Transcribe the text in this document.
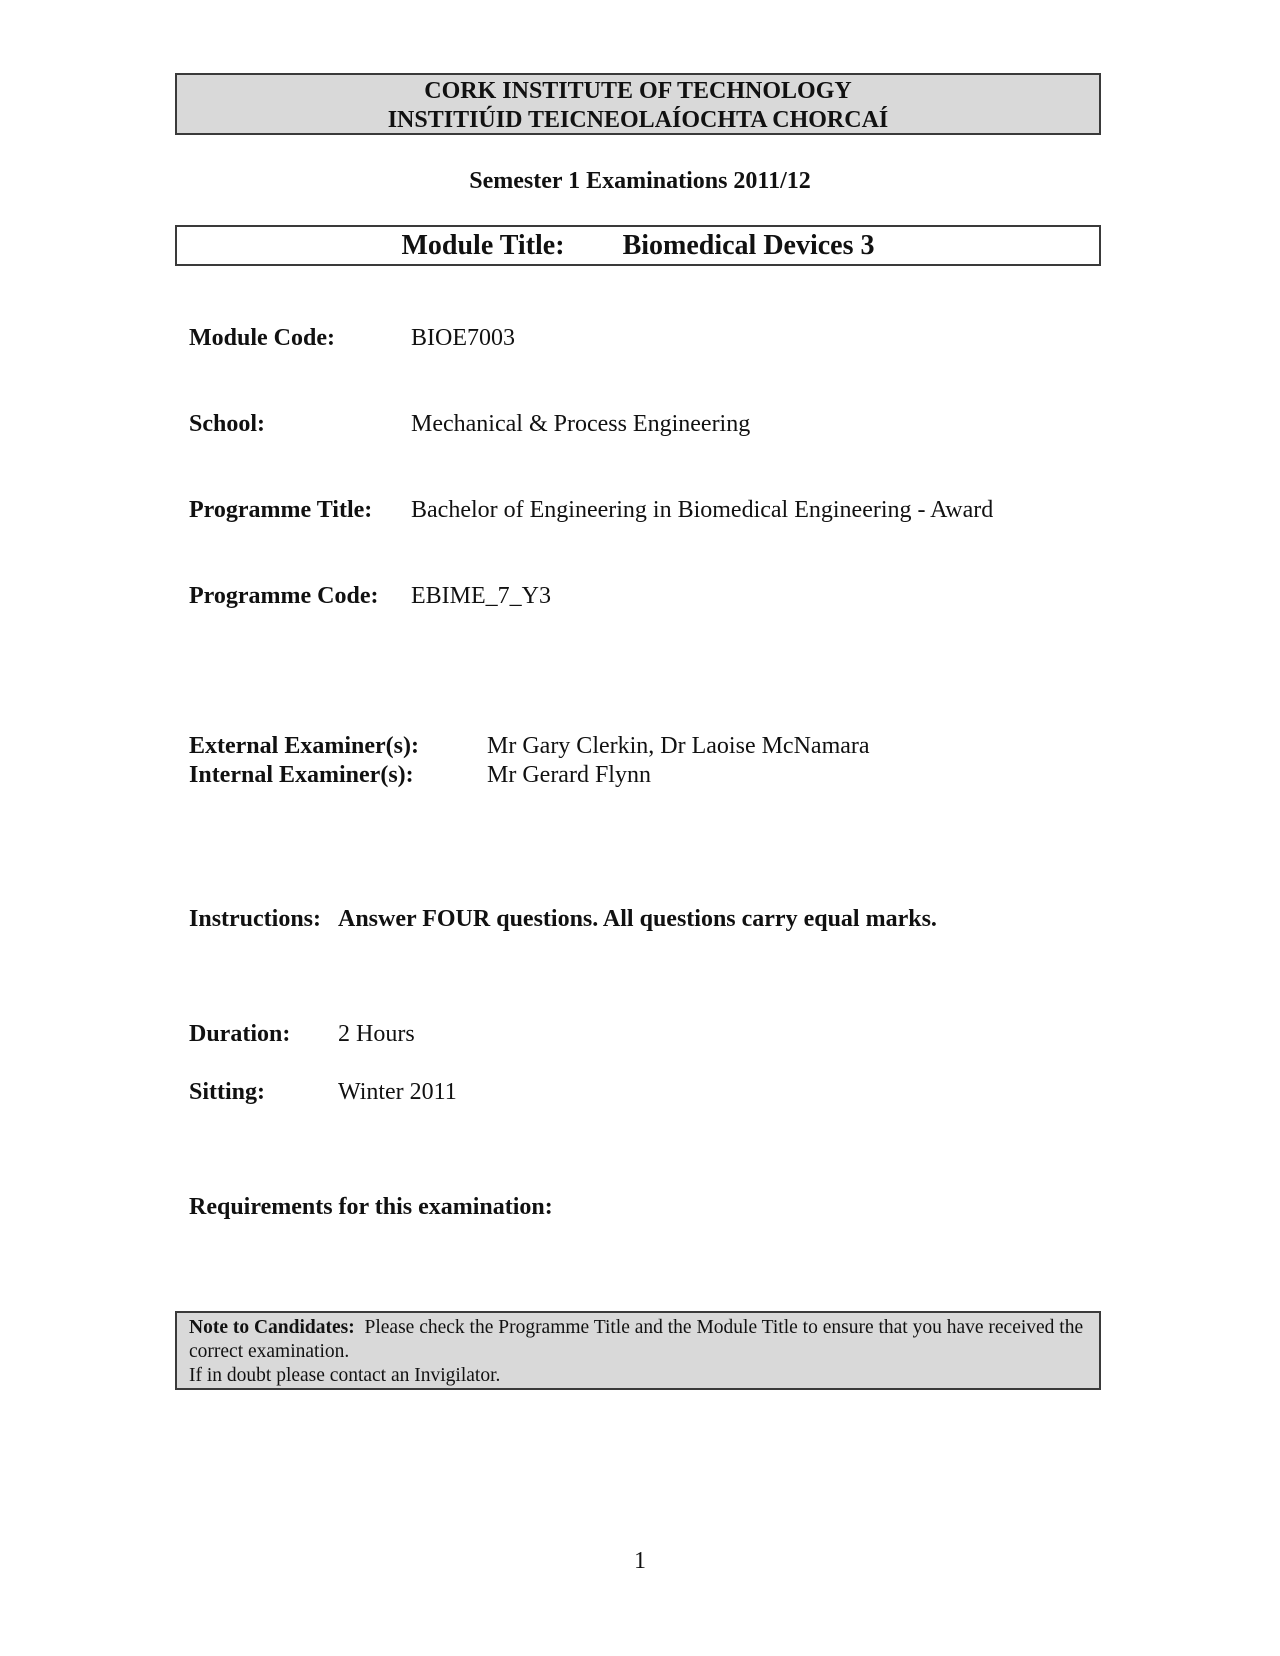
CORK INSTITUTE OF TECHNOLOGY
INSTITIÚID TEICNEOLAÍOCHTA CHORCAÍ
Semester 1 Examinations 2011/12
Module Title: Biomedical Devices 3
Module Code:	BIOE7003
School:	Mechanical & Process Engineering
Programme Title: Bachelor of Engineering in Biomedical Engineering - Award
Programme Code: EBIME_7_Y3
External Examiner(s):	Mr Gary Clerkin, Dr Laoise McNamara
Internal Examiner(s):	Mr Gerard Flynn
Instructions: Answer FOUR questions. All questions carry equal marks.
Duration: 2 Hours
Sitting:	Winter 2011
Requirements for this examination:
Note to Candidates: Please check the Programme Title and the Module Title to ensure that you have received the correct examination.
If in doubt please contact an Invigilator.
1
